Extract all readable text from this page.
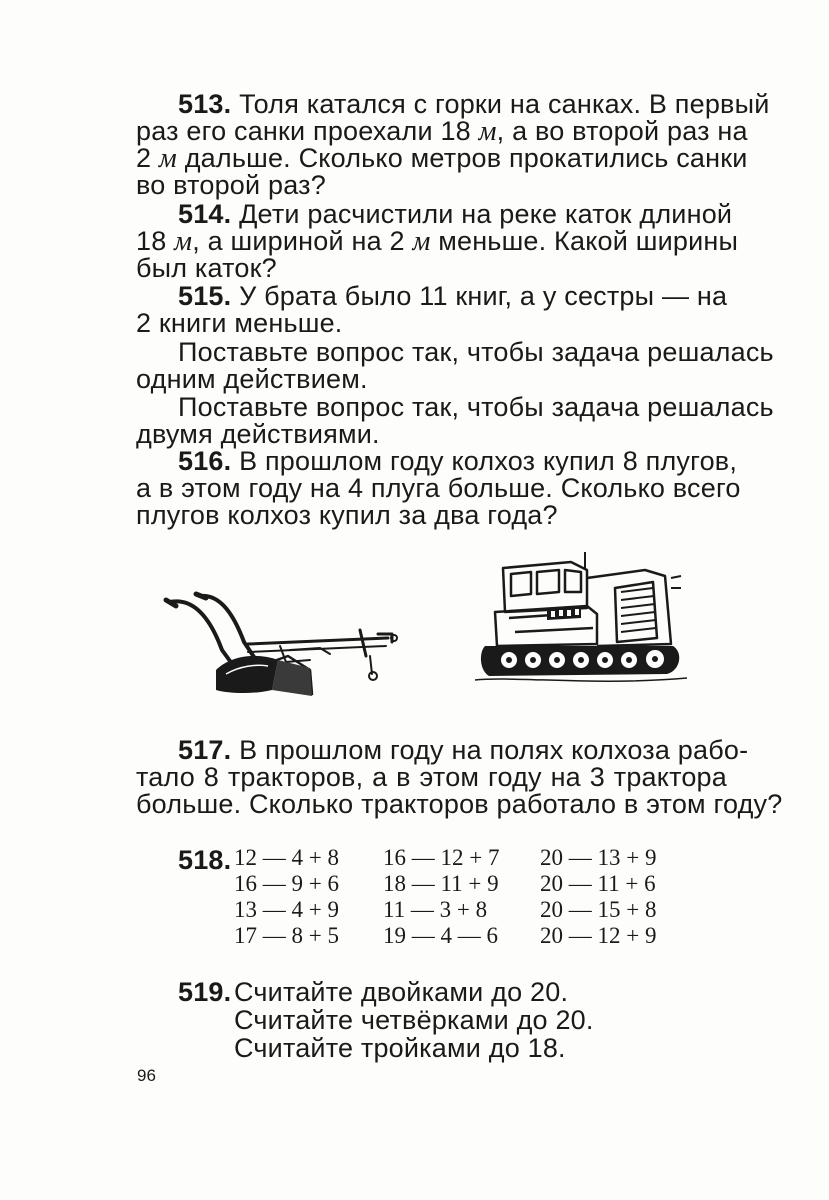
513. Толя катался с горки на санках. В первый
раз его санки проехали 18 м, а во второй раз на
2 м дальше. Сколько метров прокатились санки
во второй раз?
514. Дети расчистили на реке каток длиной
18 м, а шириной на 2 м меньше. Какой ширины
был каток?
515. У брата было 11 книг, а у сестры — на
2 книги меньше.
Поставьте вопрос так, чтобы задача решалась
одним действием.
Поставьте вопрос так, чтобы задача решалась
двумя действиями.
516. В прошлом году колхоз купил 8 плугов,
а в этом году на 4 плуга больше. Сколько всего
плугов колхоз купил за два года?
517. В прошлом году на полях колхоза рабо-
тало 8 тракторов, а в этом году на 3 трактора
больше. Сколько тракторов работало в этом году?
518. 12 — 4 + 8
16 — 9 + 6
13 — 4 + 9
17 — 8 + 5
16 — 12 + 7
18 — 11 + 9
11 — 3 + 8
19 — 4 — 6
20 — 13 + 9
20 — 11 + 6
20 — 15 + 8
20 — 12 + 9
519. Считайте двойками до 20.
Считайте четвёрками до 20.
Считайте тройками до 18.
96
